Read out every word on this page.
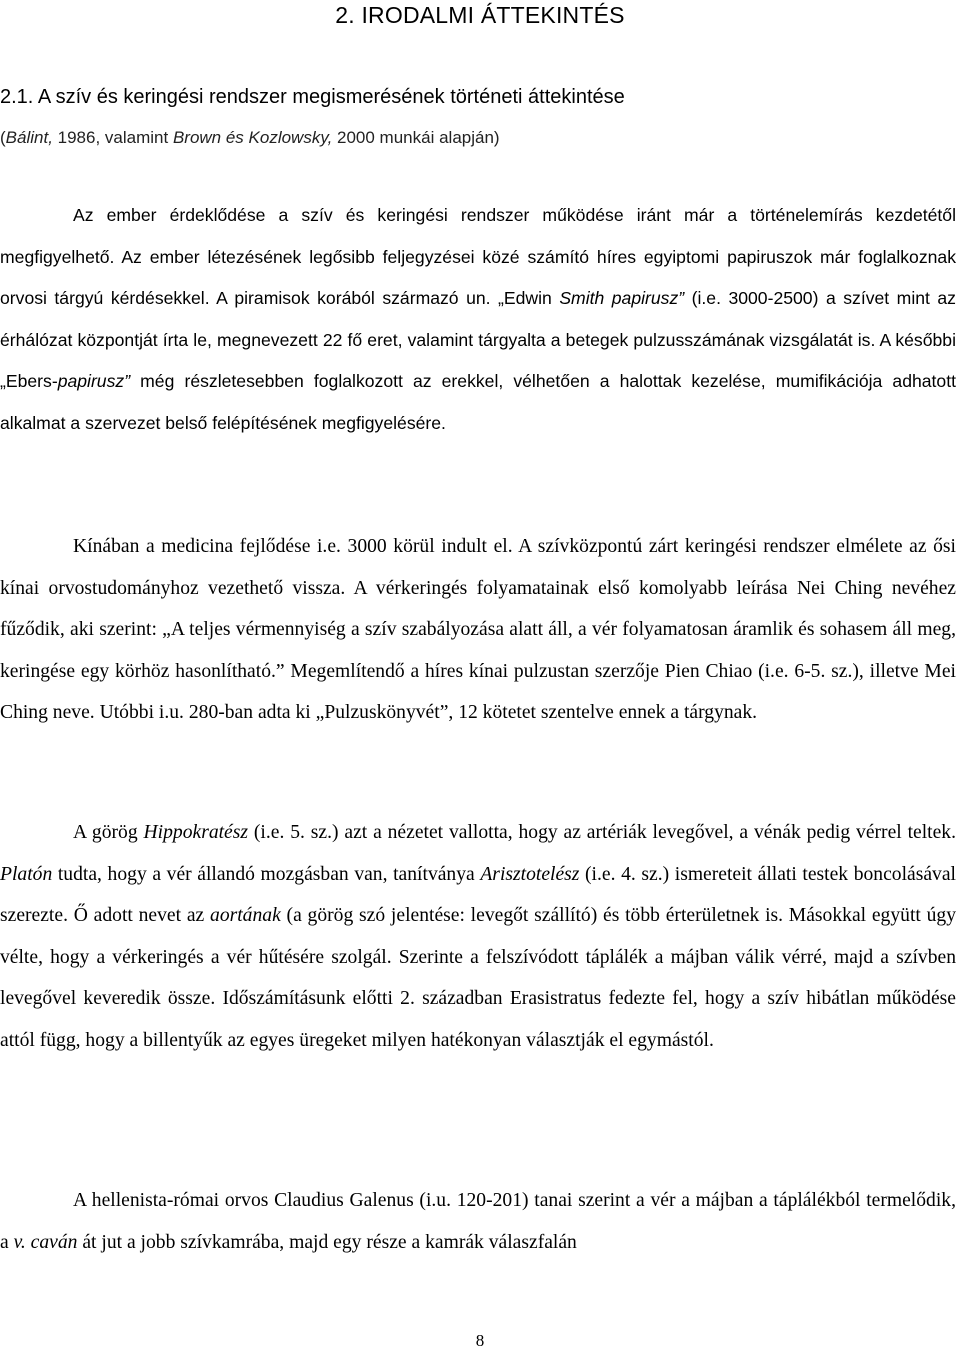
2. IRODALMI ÁTTEKINTÉS
2.1. A szív és keringési rendszer megismerésének történeti áttekintése

(Bálint, 1986, valamint Brown és Kozlowsky, 2000 munkái alapján)

Az ember érdeklődése a szív és keringési rendszer működése iránt már a történelemírás kezdetétől megfigyelhető. Az ember létezésének legősibb feljegyzései közé számító híres egyiptomi papiruszok már foglalkoznak orvosi tárgyú kérdésekkel. A piramisok korából származó un. „Edwin Smith papirusz” (i.e. 3000-2500) a szívet mint az érhálózat központját írta le, megnevezett 22 fő eret, valamint tárgyalta a betegek pulzusszámának vizsgálatát is. A későbbi „Ebers-papirusz” még részletesebben foglalkozott az erekkel, vélhetően a halottak kezelése, mumifikációja adhatott alkalmat a szervezet belső felépítésének megfigyelésére.

Kínában a medicina fejlődése i.e. 3000 körül indult el. A szívközpontú zárt keringési rendszer elmélete az ősi kínai orvostudományhoz vezethető vissza. A vérkeringés folyamatainak első komolyabb leírása Nei Ching nevéhez fűződik, aki szerint: „A teljes vérmennyiség a szív szabályozása alatt áll, a vér folyamatosan áramlik és sohasem áll meg, keringése egy körhöz hasonlítható.” Megemlítendő a híres kínai pulzustan szerzője Pien Chiao (i.e. 6-5. sz.), illetve Mei Ching neve. Utóbbi i.u. 280-ban adta ki „Pulzuskönyvét”, 12 kötetet szentelve ennek a tárgynak.

A görög Hippokratész (i.e. 5. sz.) azt a nézetet vallotta, hogy az artériák levegővel, a vénák pedig vérrel teltek. Platón tudta, hogy a vér állandó mozgásban van, tanítványa Arisztotelész (i.e. 4. sz.) ismereteit állati testek boncolásával szerezte. Ő adott nevet az aortának (a görög szó jelentése: levegőt szállító) és több érterületnek is. Másokkal együtt úgy vélte, hogy a vérkeringés a vér hűtésére szolgál. Szerinte a felszívódott táplálék a májban válik vérré, majd a szívben levegővel keveredik össze. Időszámításunk előtti 2. században Erasistratus fedezte fel, hogy a szív hibátlan működése attól függ, hogy a billentyűk az egyes üregeket milyen hatékonyan választják el egymástól.

A hellenista-római orvos Claudius Galenus (i.u. 120-201) tanai szerint a vér a májban a táplálékból termelődik, a v. caván át jut a jobb szívkamrába, majd egy része a kamrák válaszfalán

8
